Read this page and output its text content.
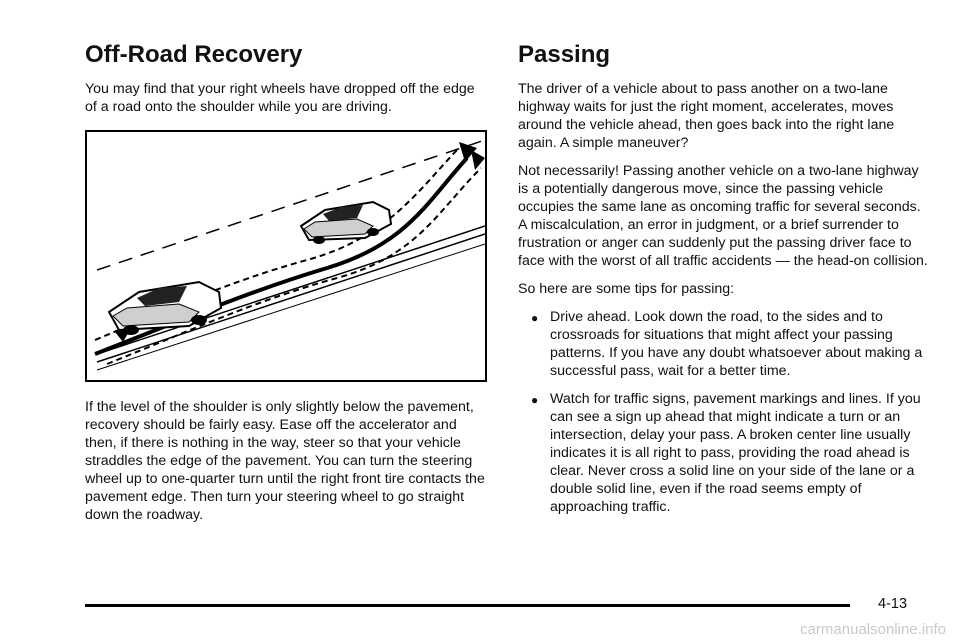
Off-Road Recovery

You may find that your right wheels have dropped off the edge of a road onto the shoulder while you are driving.

If the level of the shoulder is only slightly below the pavement, recovery should be fairly easy. Ease off the accelerator and then, if there is nothing in the way, steer so that your vehicle straddles the edge of the pavement. You can turn the steering wheel up to one-quarter turn until the right front tire contacts the pavement edge. Then turn your steering wheel to go straight down the roadway.

Passing

The driver of a vehicle about to pass another on a two-lane highway waits for just the right moment, accelerates, moves around the vehicle ahead, then goes back into the right lane again. A simple maneuver?

Not necessarily! Passing another vehicle on a two-lane highway is a potentially dangerous move, since the passing vehicle occupies the same lane as oncoming traffic for several seconds. A miscalculation, an error in judgment, or a brief surrender to frustration or anger can suddenly put the passing driver face to face with the worst of all traffic accidents — the head-on collision.

So here are some tips for passing:

● Drive ahead. Look down the road, to the sides and to crossroads for situations that might affect your passing patterns. If you have any doubt whatsoever about making a successful pass, wait for a better time.
● Watch for traffic signs, pavement markings and lines. If you can see a sign up ahead that might indicate a turn or an intersection, delay your pass. A broken center line usually indicates it is all right to pass, providing the road ahead is clear. Never cross a solid line on your side of the lane or a double solid line, even if the road seems empty of approaching traffic.
4-13
carmanualsonline.info
